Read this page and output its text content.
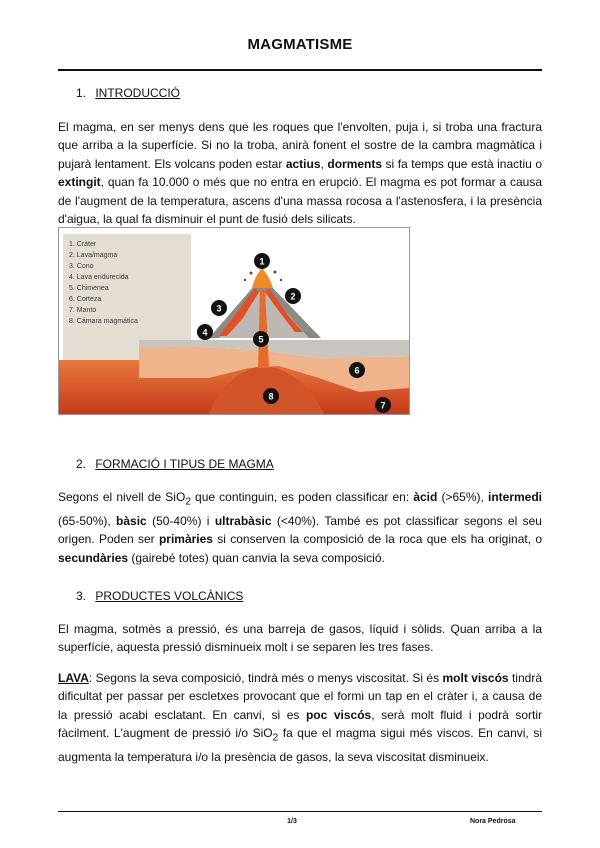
MAGMATISME
1. INTRODUCCIÓ
El magma, en ser menys dens que les roques que l'envolten, puja i, si troba una fractura que arriba a la superfície. Si no la troba, anirà fonent el sostre de la cambra magmàtica i pujarà lentament. Els volcans poden estar actius, dorments si fa temps que està inactiu o extingit, quan fa 10.000 o més que no entra en erupció. El magma es pot formar a causa de l'augment de la temperatura, ascens d'una massa rocosa a l'astenosfera, i la presència d'aigua, la qual fa disminuir el punt de fusió dels silicats.
1. Cràter
2. Lava/magma
3. Cono
4. Lava endurecida
5. Chimenea
6. Corteza
7. Manto
8. Cámara magmática
1
2
3
4
5
6
7
8
2. FORMACIÓ I TIPUS DE MAGMA
Segons el nivell de SiO$_2$ que continguin, es poden classificar en: àcid (>65%), intermedi (65-50%), bàsic (50-40%) i ultrabàsic (<40%). També es pot classificar segons el seu origen. Poden ser primàries si conserven la composició de la roca que els ha originat, o secundàries (gairebé totes) quan canvia la seva composició.
3. PRODUCTES VOLCÀNICS
El magma, sotmès a pressió, és una barreja de gasos, líquid i sòlids. Quan arriba a la superfície, aquesta pressió disminueix molt i se separen les tres fases.
LAVA: Segons la seva composició, tindrà més o menys viscositat. Si és molt viscós tindrà dificultat per passar per escletxes provocant que el formi un tap en el cràter i, a causa de la pressió acabi esclatant. En canvi, si es poc viscós, serà molt fluid i podrà sortir fàcilment. L'augment de pressió i/o SiO$_2$ fa que el magma sigui més viscos. En canvi, si augmenta la temperatura i/o la presència de gasos, la seva viscositat disminueix.
1/3	Nora Pedrosa
